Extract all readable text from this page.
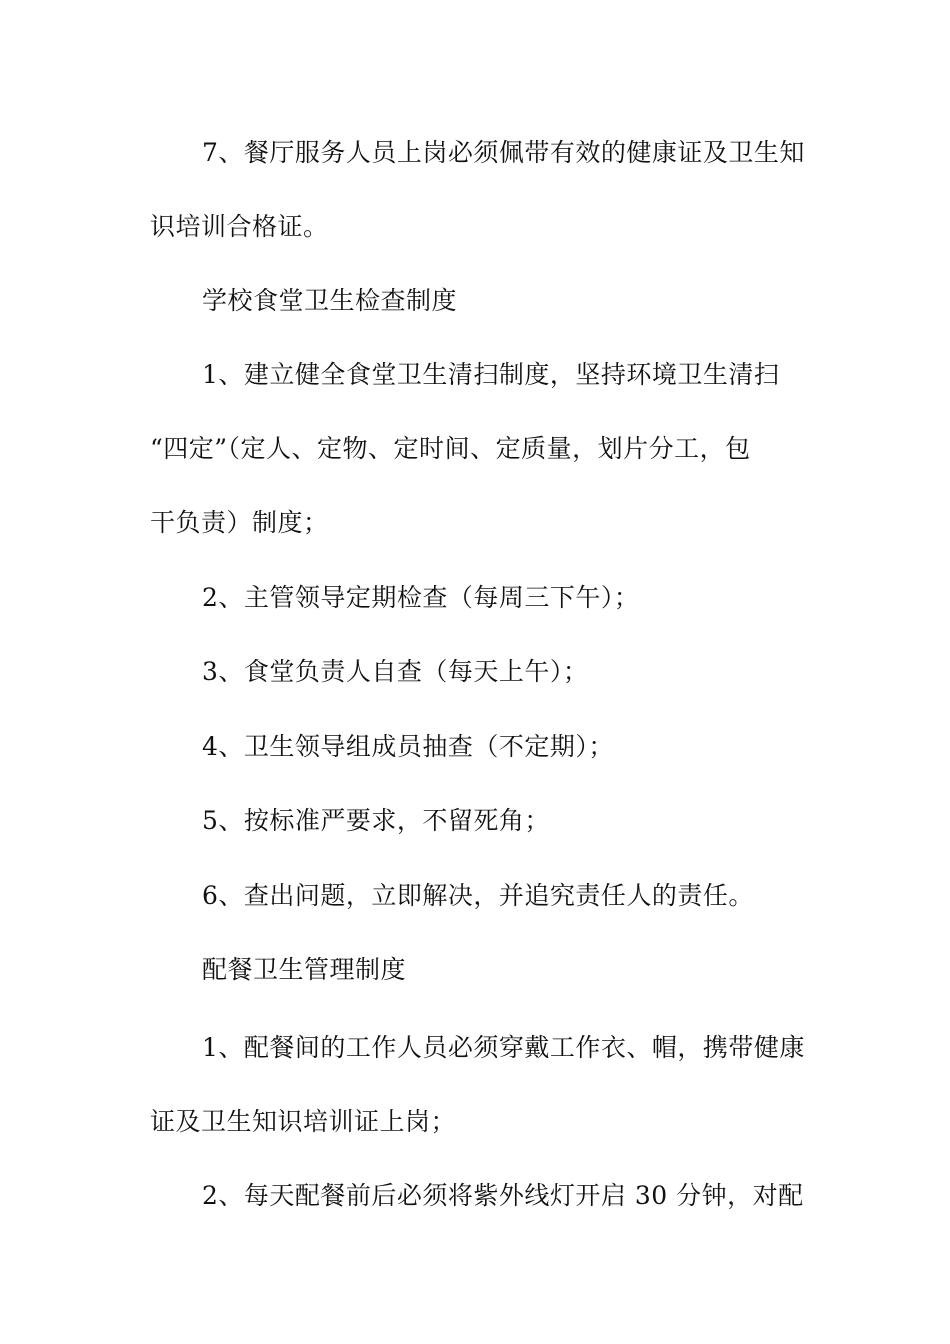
7、餐厅服务人员上岗必须佩带有效的健康证及卫生知
识培训合格证。
学校食堂卫生检查制度
1、建立健全食堂卫生清扫制度，坚持环境卫生清扫
“四定”（定人、定物、定时间、定质量，划片分工，包
干负责）制度；
2、主管领导定期检查（每周三下午）；
3、食堂负责人自查（每天上午）；
4、卫生领导组成员抽查（不定期）；
5、按标准严要求，不留死角；
6、查出问题，立即解决，并追究责任人的责任。
配餐卫生管理制度
1、配餐间的工作人员必须穿戴工作衣、帽，携带健康
证及卫生知识培训证上岗；
2、每天配餐前后必须将紫外线灯开启 30 分钟，对配
